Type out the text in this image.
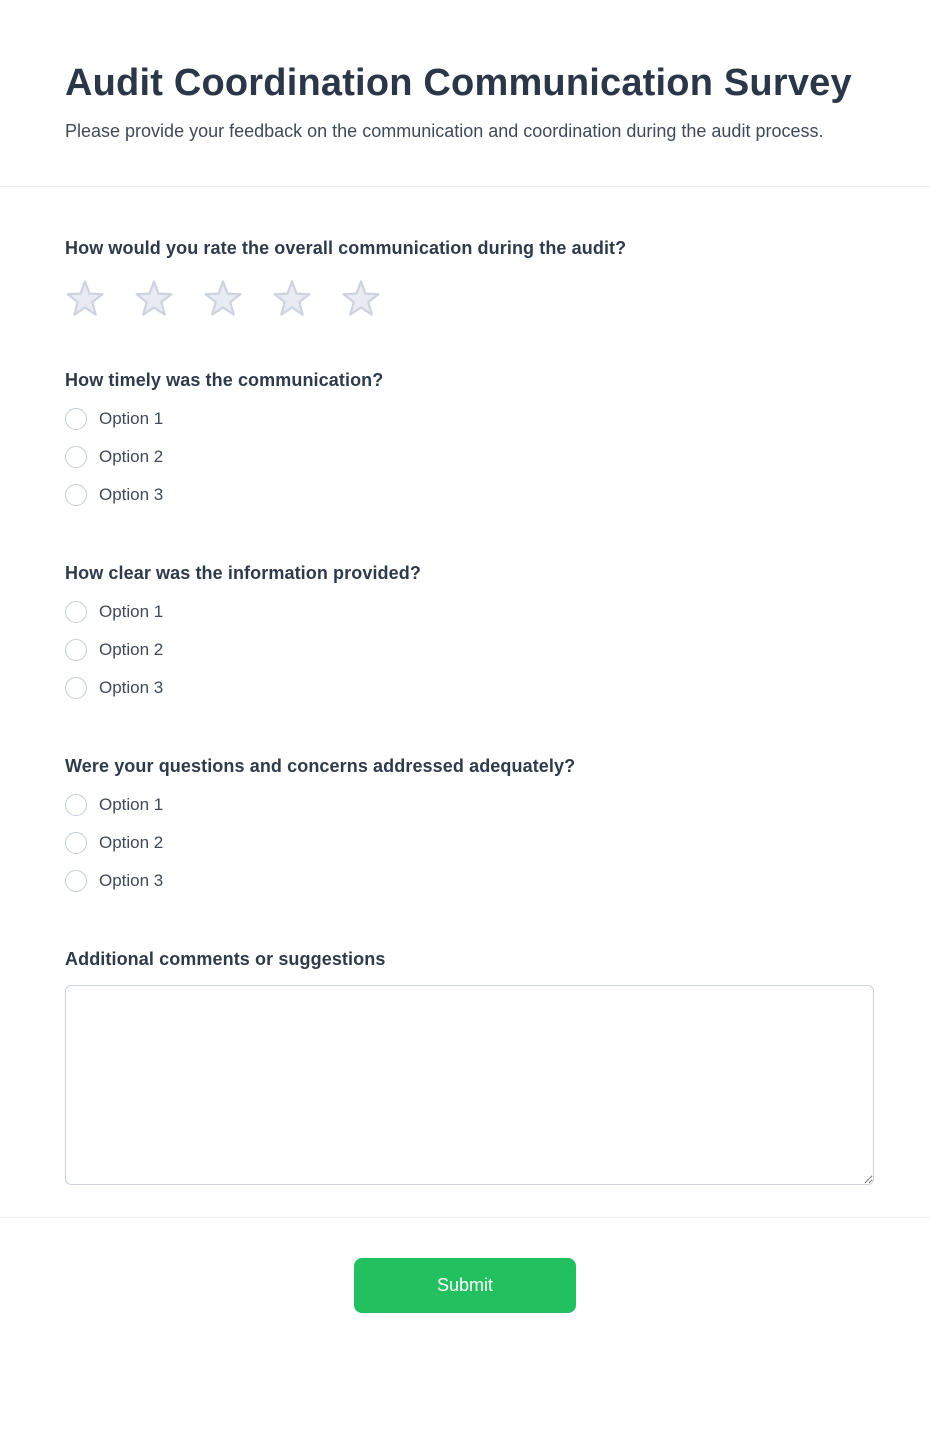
Audit Coordination Communication Survey

Please provide your feedback on the communication and coordination during the audit process.

How would you rate the overall communication during the audit?
How timely was the communication?
Option 1
Option 2
Option 3
How clear was the information provided?
Option 1
Option 2
Option 3
Were your questions and concerns addressed adequately?
Option 1
Option 2
Option 3
Additional comments or suggestions
Submit
